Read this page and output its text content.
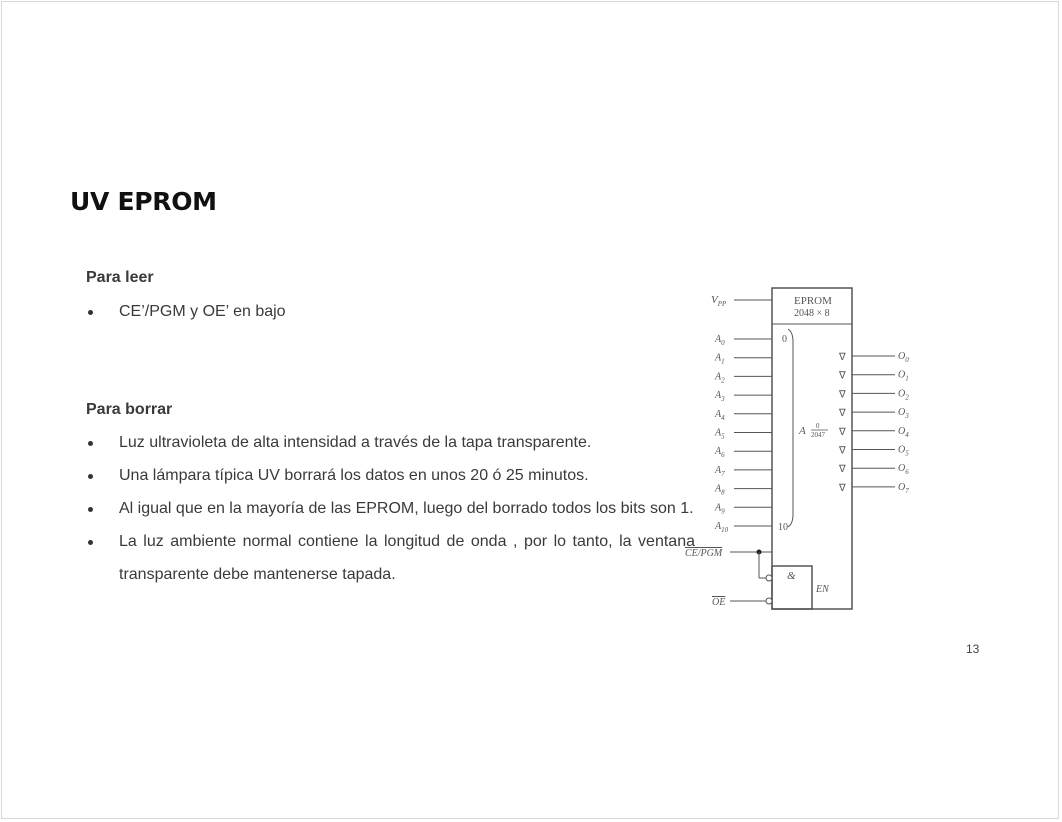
UV EPROM
Para leer
CE’/PGM y OE’ en bajo
Para borrar
Luz ultravioleta de alta intensidad a través de la tapa transparente.
Una lámpara típica UV borrará los datos en unos 20 ó 25 minutos.
Al igual que en la mayoría de las EPROM, luego del borrado todos los bits son 1.
La luz ambiente normal contiene la longitud de onda , por lo tanto, la ventana transparente debe mantenerse tapada.
13
EPROM
2048 × 8
$V_{PP}$
0
10
A 0
2047
$A_0$
$A_1$
$A_2$
$A_3$
$A_4$
$A_5$
$A_6$
$A_7$
$A_8$
$A_9$
$A_{10}$
∇	$O_0$
∇	$O_1$
∇	$O_2$
∇	$O_3$
∇	$O_4$
∇	$O_5$
∇	$O_6$
∇	$O_7$
&
EN
CE/PGM
OE
